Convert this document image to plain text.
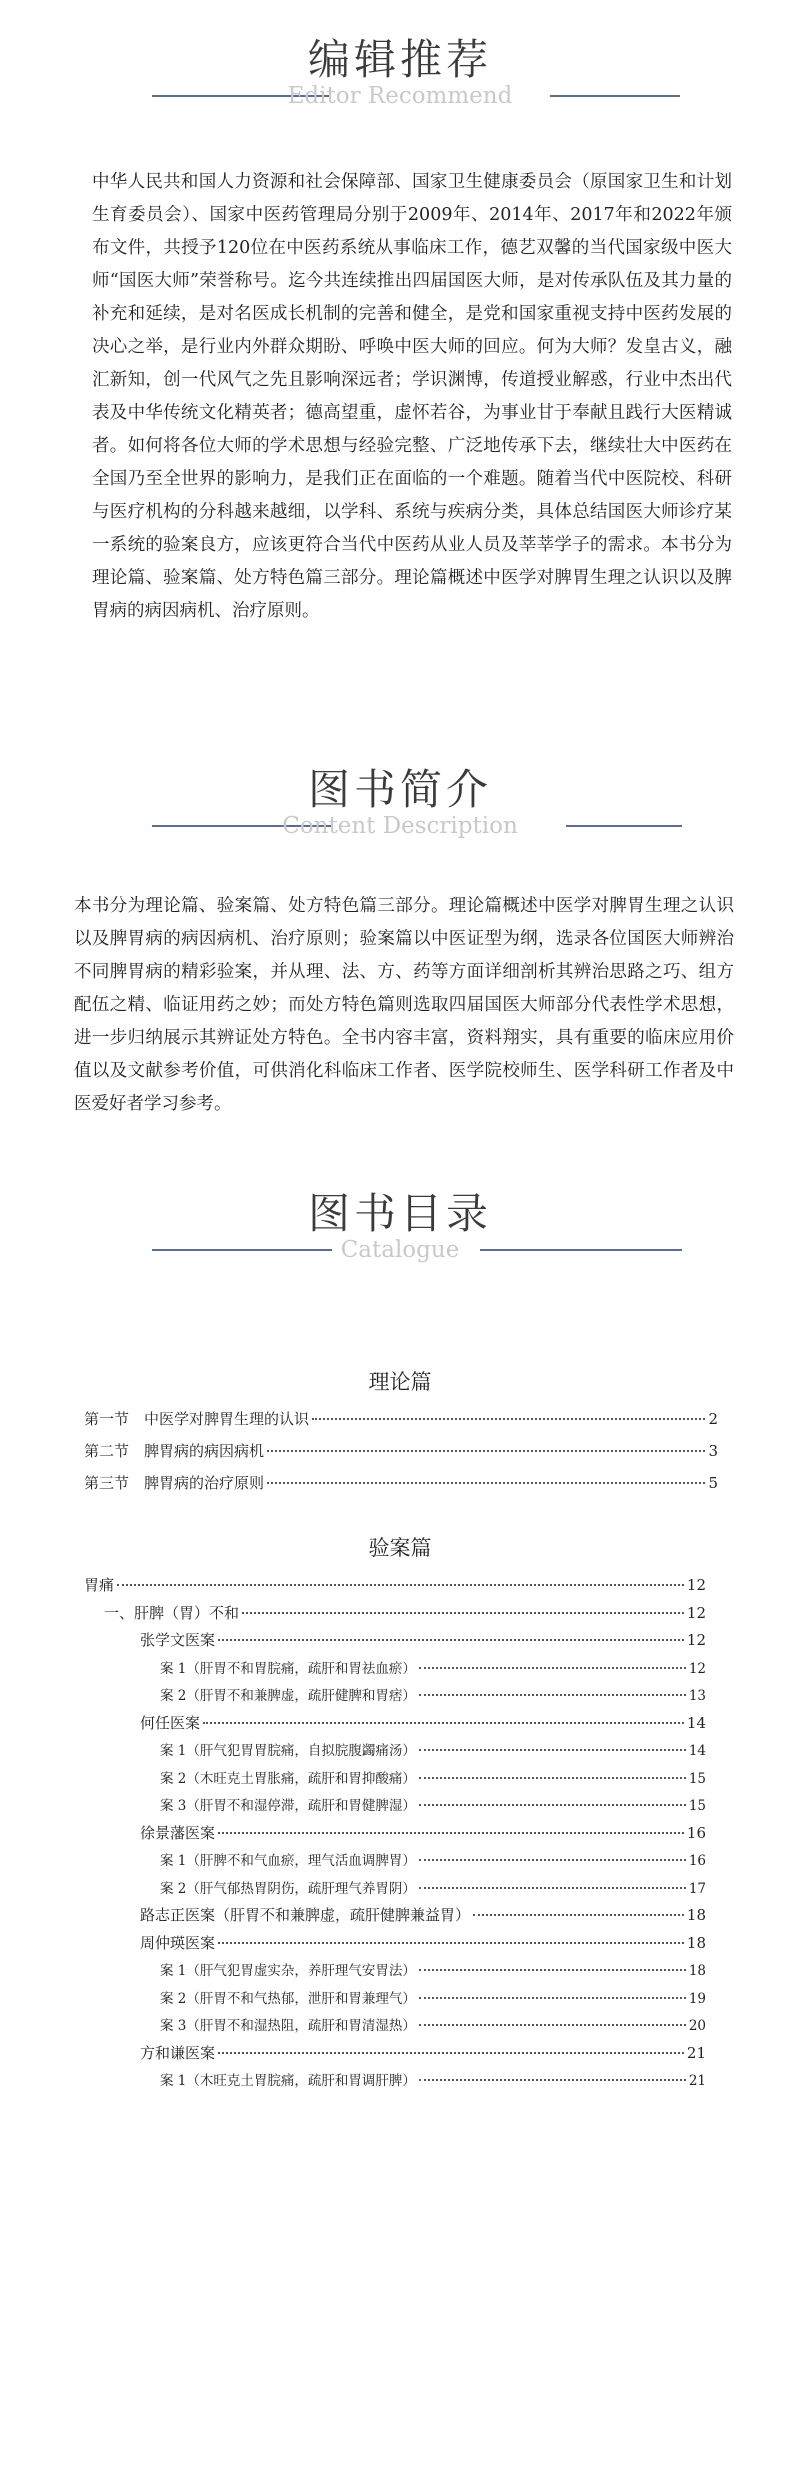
编辑推荐
Editor Recommend
中华人民共和国人力资源和社会保障部、国家卫生健康委员会（原国家卫生和计划生育委员会）、国家中医药管理局分别于2009年、2014年、2017年和2022年颁布文件，共授予120位在中医药系统从事临床工作，德艺双馨的当代国家级中医大师“国医大师”荣誉称号。迄今共连续推出四届国医大师，是对传承队伍及其力量的补充和延续，是对名医成长机制的完善和健全，是党和国家重视支持中医药发展的决心之举，是行业内外群众期盼、呼唤中医大师的回应。何为大师？发皇古义，融汇新知，创一代风气之先且影响深远者；学识渊博，传道授业解惑，行业中杰出代表及中华传统文化精英者；德高望重，虚怀若谷，为事业甘于奉献且践行大医精诚者。如何将各位大师的学术思想与经验完整、广泛地传承下去，继续壮大中医药在全国乃至全世界的影响力，是我们正在面临的一个难题。随着当代中医院校、科研与医疗机构的分科越来越细，以学科、系统与疾病分类，具体总结国医大师诊疗某一系统的验案良方，应该更符合当代中医药从业人员及莘莘学子的需求。本书分为理论篇、验案篇、处方特色篇三部分。理论篇概述中医学对脾胃生理之认识以及脾胃病的病因病机、治疗原则。
图书简介
Content Description
本书分为理论篇、验案篇、处方特色篇三部分。理论篇概述中医学对脾胃生理之认识以及脾胃病的病因病机、治疗原则；验案篇以中医证型为纲，选录各位国医大师辨治不同脾胃病的精彩验案，并从理、法、方、药等方面详细剖析其辨治思路之巧、组方配伍之精、临证用药之妙；而处方特色篇则选取四届国医大师部分代表性学术思想，进一步归纳展示其辨证处方特色。全书内容丰富，资料翔实，具有重要的临床应用价值以及文献参考价值，可供消化科临床工作者、医学院校师生、医学科研工作者及中医爱好者学习参考。
图书目录
Catalogue
理论篇
第一节　中医学对脾胃生理的认识	2
第二节　脾胃病的病因病机	3
第三节　脾胃病的治疗原则	5
验案篇
胃痛	12
一、肝脾（胃）不和	12
张学文医案	12
案 1（肝胃不和胃脘痛，疏肝和胃祛血瘀）	12
案 2（肝胃不和兼脾虚，疏肝健脾和胃痞）	13
何任医案	14
案 1（肝气犯胃胃脘痛，自拟脘腹蠲痛汤）	14
案 2（木旺克土胃胀痛，疏肝和胃抑酸痛）	15
案 3（肝胃不和湿停滞，疏肝和胃健脾湿）	15
徐景藩医案	16
案 1（肝脾不和气血瘀，理气活血调脾胃）	16
案 2（肝气郁热胃阴伤，疏肝理气养胃阴）	17
路志正医案（肝胃不和兼脾虚，疏肝健脾兼益胃）	18
周仲瑛医案	18
案 1（肝气犯胃虚实杂，养肝理气安胃法）	18
案 2（肝胃不和气热郁，泄肝和胃兼理气）	19
案 3（肝胃不和湿热阻，疏肝和胃清湿热）	20
方和谦医案	21
案 1（木旺克土胃脘痛，疏肝和胃调肝脾）	21
